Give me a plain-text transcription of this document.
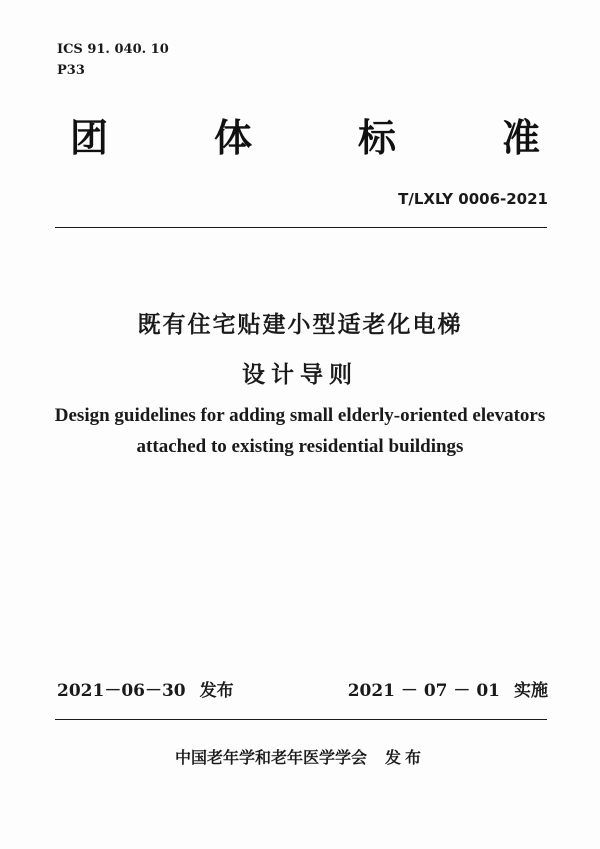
ICS 91. 040. 10
P33
团	体	标	准
T/LXLY 0006-2021
既有住宅贴建小型适老化电梯
设计导则
Design guidelines for adding small elderly-oriented elevators
attached to existing residential buildings
2021－06－30 发布	2021 － 07 － 01 实施
中国老年学和老年医学学会 发布
